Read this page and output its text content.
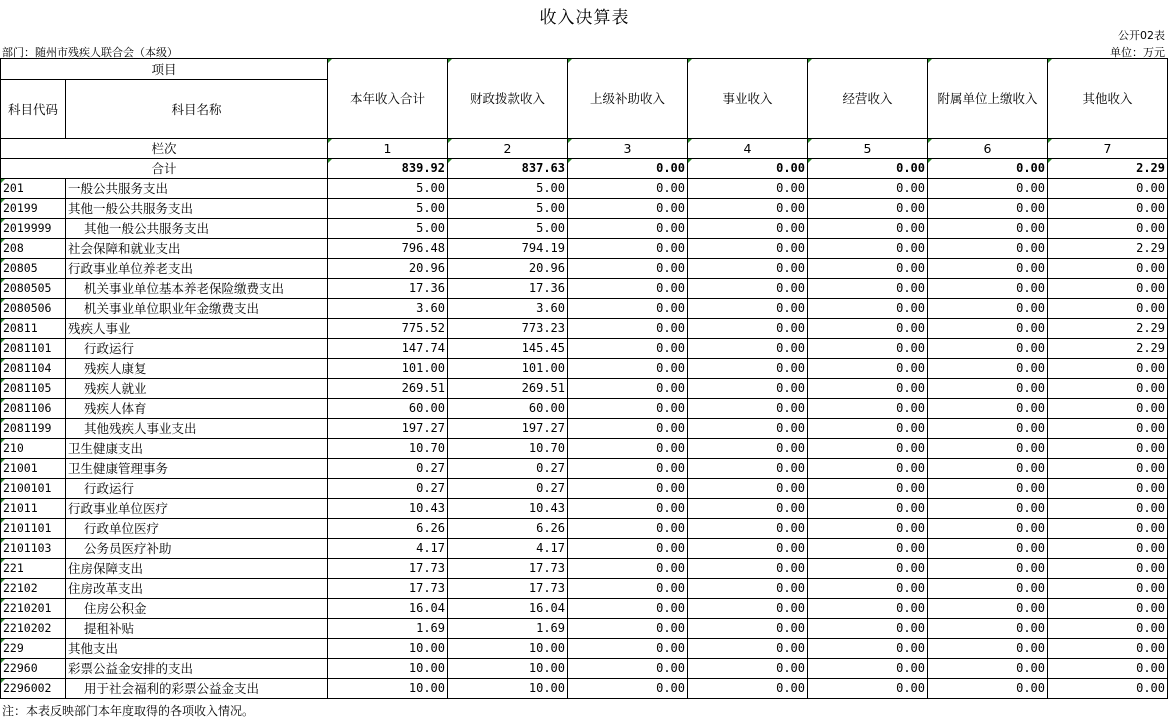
收入决算表
公开02表
部门：随州市残疾人联合会（本级）	单位：万元
项目		本年收入合计	财政拨款收入	上级补助收入	事业收入	经营收入	附属单位上缴收入	其他收入
科目代码	科目名称							
栏次		1	2	3	4	5	6	7
合计		839.92	837.63	0.00	0.00	0.00	0.00	2.29
201	一般公共服务支出	5.00	5.00	0.00	0.00	0.00	0.00	0.00
20199	其他一般公共服务支出	5.00	5.00	0.00	0.00	0.00	0.00	0.00
2019999	其他一般公共服务支出	5.00	5.00	0.00	0.00	0.00	0.00	0.00
208	社会保障和就业支出	796.48	794.19	0.00	0.00	0.00	0.00	2.29
20805	行政事业单位养老支出	20.96	20.96	0.00	0.00	0.00	0.00	0.00
2080505	机关事业单位基本养老保险缴费支出	17.36	17.36	0.00	0.00	0.00	0.00	0.00
2080506	机关事业单位职业年金缴费支出	3.60	3.60	0.00	0.00	0.00	0.00	0.00
20811	残疾人事业	775.52	773.23	0.00	0.00	0.00	0.00	2.29
2081101	行政运行	147.74	145.45	0.00	0.00	0.00	0.00	2.29
2081104	残疾人康复	101.00	101.00	0.00	0.00	0.00	0.00	0.00
2081105	残疾人就业	269.51	269.51	0.00	0.00	0.00	0.00	0.00
2081106	残疾人体育	60.00	60.00	0.00	0.00	0.00	0.00	0.00
2081199	其他残疾人事业支出	197.27	197.27	0.00	0.00	0.00	0.00	0.00
210	卫生健康支出	10.70	10.70	0.00	0.00	0.00	0.00	0.00
21001	卫生健康管理事务	0.27	0.27	0.00	0.00	0.00	0.00	0.00
2100101	行政运行	0.27	0.27	0.00	0.00	0.00	0.00	0.00
21011	行政事业单位医疗	10.43	10.43	0.00	0.00	0.00	0.00	0.00
2101101	行政单位医疗	6.26	6.26	0.00	0.00	0.00	0.00	0.00
2101103	公务员医疗补助	4.17	4.17	0.00	0.00	0.00	0.00	0.00
221	住房保障支出	17.73	17.73	0.00	0.00	0.00	0.00	0.00
22102	住房改革支出	17.73	17.73	0.00	0.00	0.00	0.00	0.00
2210201	住房公积金	16.04	16.04	0.00	0.00	0.00	0.00	0.00
2210202	提租补贴	1.69	1.69	0.00	0.00	0.00	0.00	0.00
229	其他支出	10.00	10.00	0.00	0.00	0.00	0.00	0.00
22960	彩票公益金安排的支出	10.00	10.00	0.00	0.00	0.00	0.00	0.00
2296002	用于社会福利的彩票公益金支出	10.00	10.00	0.00	0.00	0.00	0.00	0.00
注：本表反映部门本年度取得的各项收入情况。
